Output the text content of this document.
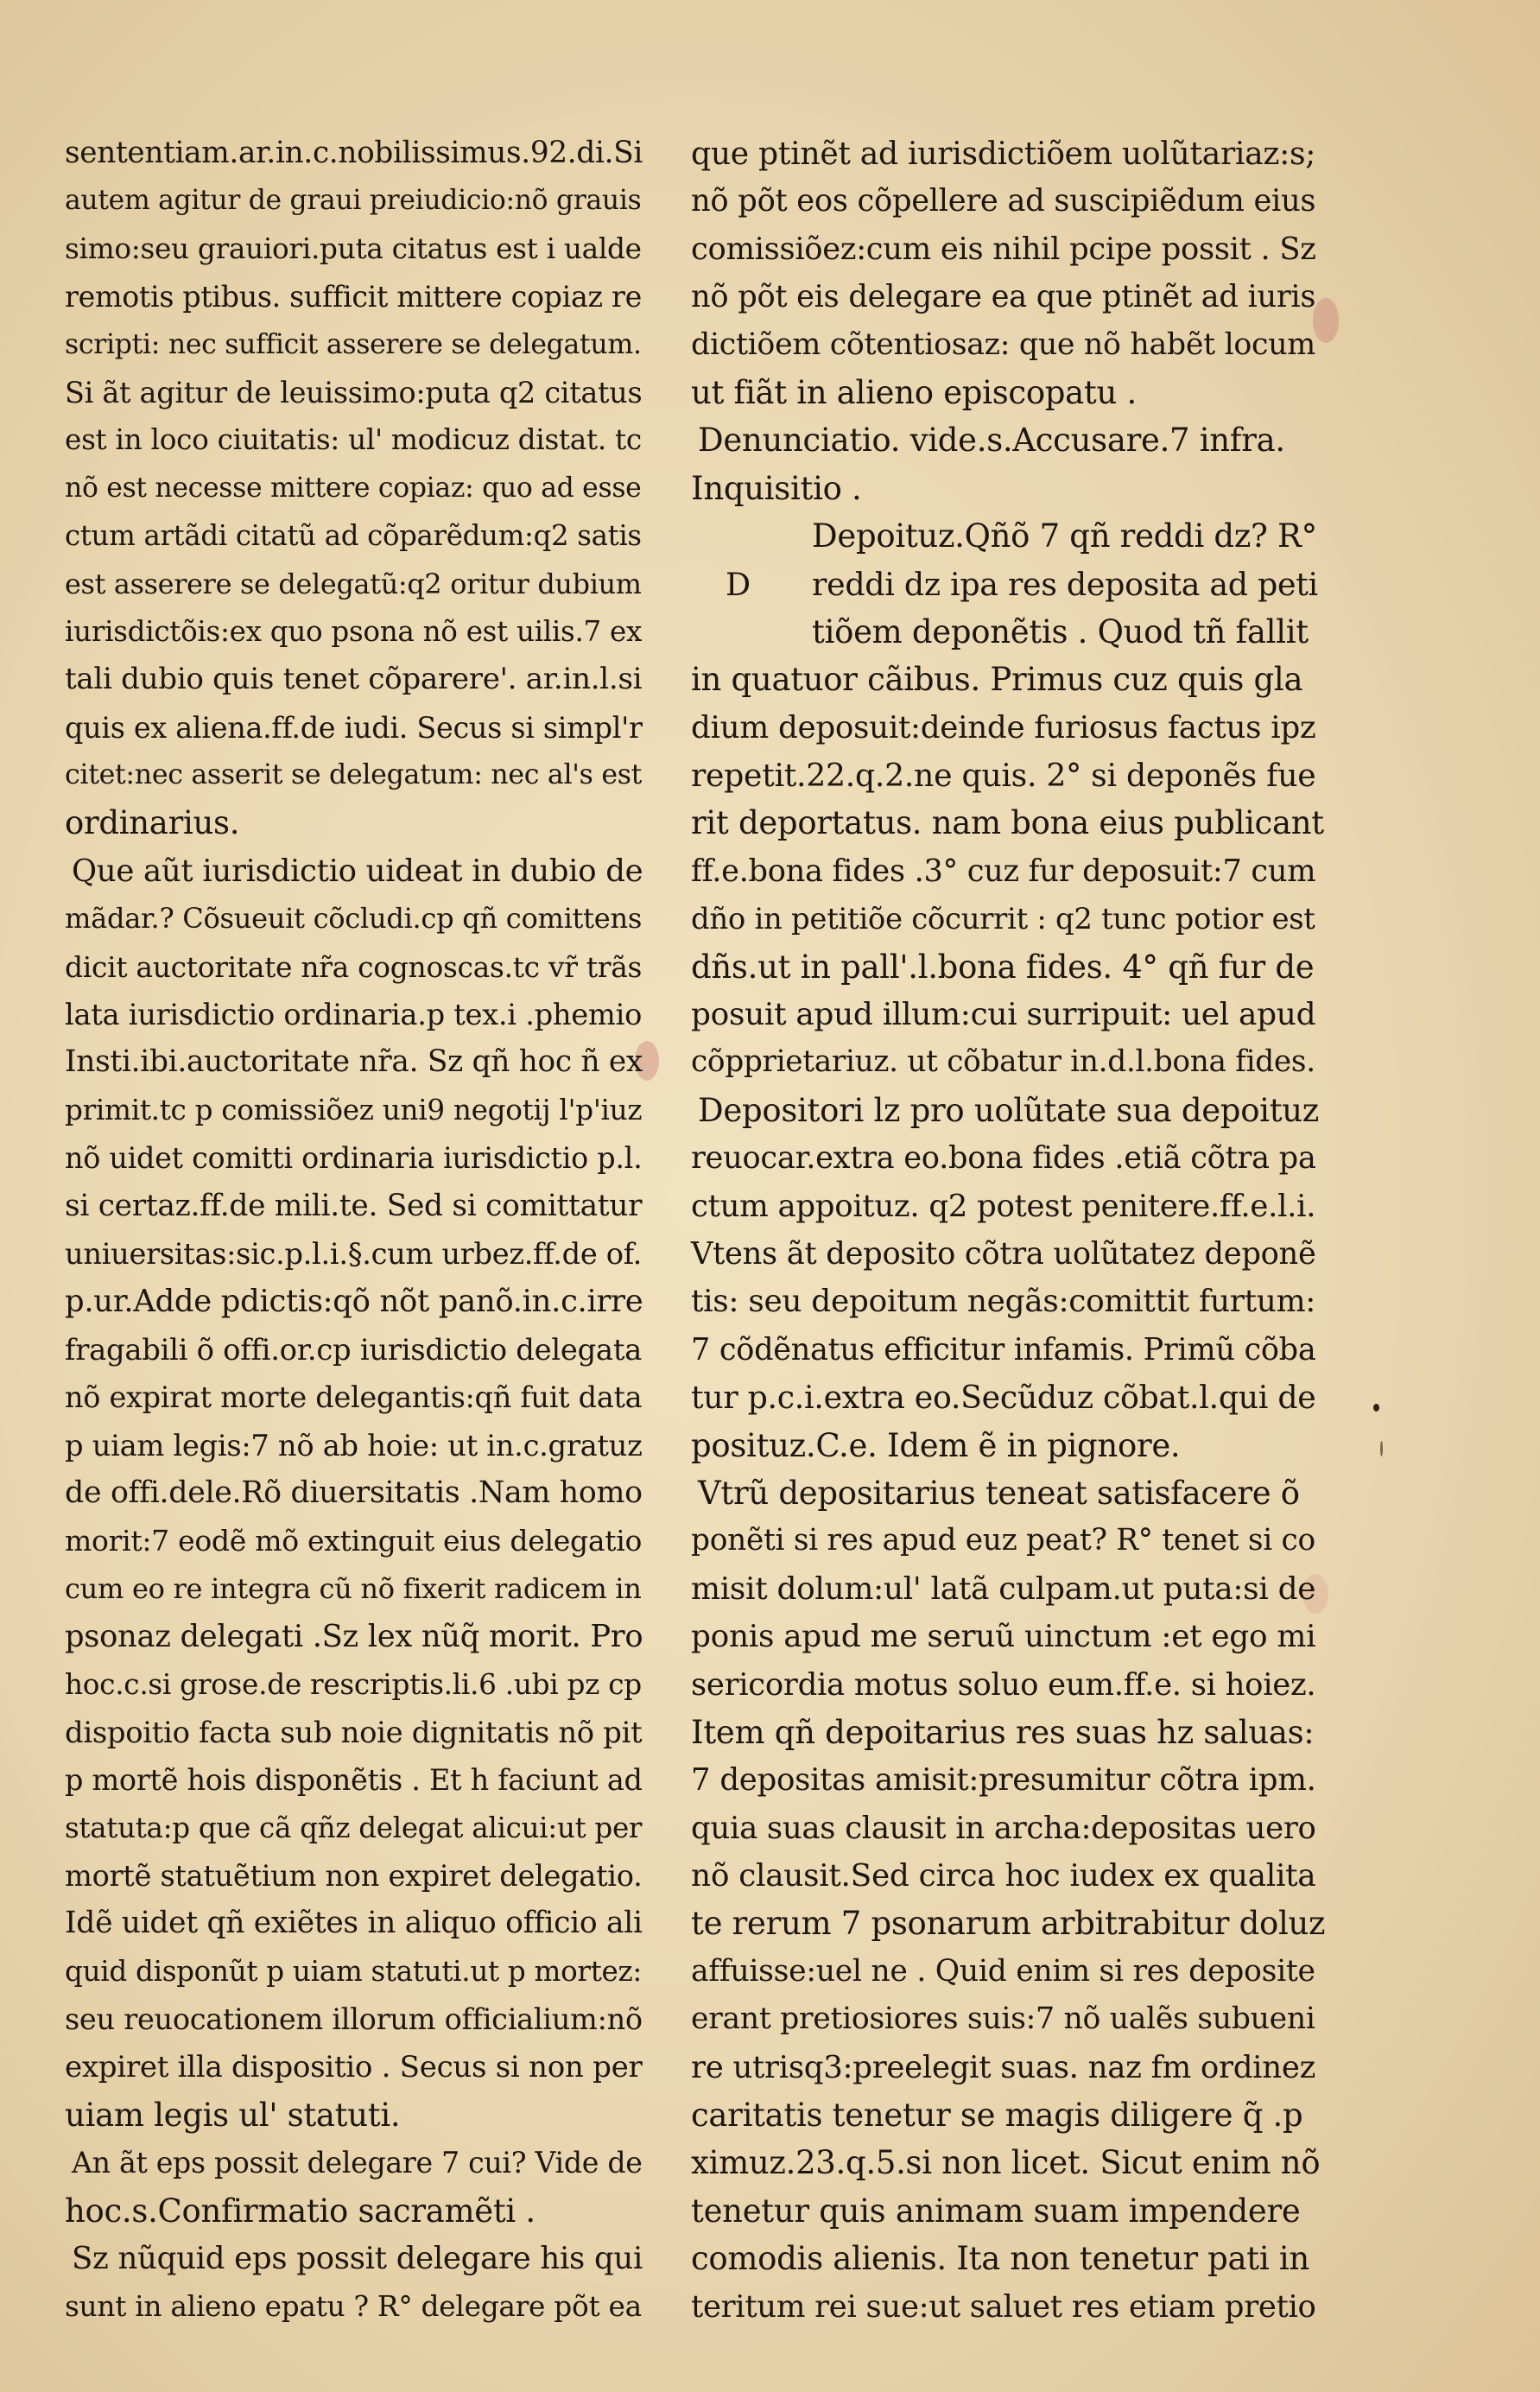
sententiam.ar.in.c.nobilissimus.92.di.Si
autem agitur de graui preiudicio:nõ grauis
simo:seu grauiori.puta citatus est i ualde
remotis ptibus. sufficit mittere copiaz re
scripti: nec sufficit asserere se delegatum.
Si ãt agitur de leuissimo:puta q2 citatus
est in loco ciuitatis: ul' modicuz distat. tc
nõ est necesse mittere copiaz: quo ad esse
ctum artãdi citatũ ad cõparẽdum:q2 satis
est asserere se delegatũ:q2 oritur dubium
iurisdictõis:ex quo psona nõ est uilis.7 ex
tali dubio quis tenet cõparere'. ar.in.l.si
quis ex aliena.ff.de iudi. Secus si simpl'r
citet:nec asserit se delegatum: nec al's est
ordinarius.
Que aũt iurisdictio uideat in dubio de
mãdar.? Cõsueuit cõcludi.cp qñ comittens
dicit auctoritate nr̃a cognoscas.tc vr̃ trãs
lata iurisdictio ordinaria.p tex.i .phemio
Insti.ibi.auctoritate nr̃a. Sz qñ hoc ñ ex
primit.tc p comissiõez uni9 negotij l'p'iuz
nõ uidet comitti ordinaria iurisdictio p.l.
si certaz.ff.de mili.te. Sed si comittatur
uniuersitas:sic.p.l.i.§.cum urbez.ff.de of.
p.ur.Adde pdictis:qõ nõt panõ.in.c.irre
fragabili õ offi.or.cp iurisdictio delegata
nõ expirat morte delegantis:qñ fuit data
p uiam legis:7 nõ ab hoie: ut in.c.gratuz
de offi.dele.Rõ diuersitatis .Nam homo
morit:7 eodẽ mõ extinguit eius delegatio
cum eo re integra cũ nõ fixerit radicem in
psonaz delegati .Sz lex nũq̃ morit. Pro
hoc.c.si grose.de rescriptis.li.6 .ubi pz cp
dispoitio facta sub noie dignitatis nõ pit
p mortẽ hois disponẽtis . Et h faciunt ad
statuta:p que cã qñz delegat alicui:ut per
mortẽ statuẽtium non expiret delegatio.
Idẽ uidet qñ exiẽtes in aliquo officio ali
quid disponũt p uiam statuti.ut p mortez:
seu reuocationem illorum officialium:nõ
expiret illa dispositio . Secus si non per
uiam legis ul' statuti.
An ãt eps possit delegare 7 cui? Vide de
hoc.s.Confirmatio sacramẽti .
Sz nũquid eps possit delegare his qui
sunt in alieno epatu ? R° delegare põt ea
que ptinẽt ad iurisdictiõem uolũtariaz:s;
nõ põt eos cõpellere ad suscipiẽdum eius
comissiõez:cum eis nihil pcipe possit . Sz
nõ põt eis delegare ea que ptinẽt ad iuris
dictiõem cõtentiosaz: que nõ habẽt locum
ut fiãt in alieno episcopatu .
Denunciatio. vide.s.Accusare.7 infra.
Inquisitio .
Depoituz.Qñõ 7 qñ reddi dz? R°
reddi dz ipa res deposita ad peti
D
tiõem deponẽtis . Quod tñ fallit
in quatuor cãibus. Primus cuz quis gla
dium deposuit:deinde furiosus factus ipz
repetit.22.q.2.ne quis. 2° si deponẽs fue
rit deportatus. nam bona eius publicant
ff.e.bona fides .3° cuz fur deposuit:7 cum
dño in petitiõe cõcurrit : q2 tunc potior est
dñs.ut in pall'.l.bona fides. 4° qñ fur de
posuit apud illum:cui surripuit: uel apud
cõpprietariuz. ut cõbatur in.d.l.bona fides.
Depositori lz pro uolũtate sua depoituz
reuocar.extra eo.bona fides .etiã cõtra pa
ctum appoituz. q2 potest penitere.ff.e.l.i.
Vtens ãt deposito cõtra uolũtatez deponẽ
tis: seu depoitum negãs:comittit furtum:
7 cõdẽnatus efficitur infamis. Primũ cõba
tur p.c.i.extra eo.Secũduz cõbat.l.qui de
posituz.C.e. Idem ẽ in pignore.
Vtrũ depositarius teneat satisfacere õ
ponẽti si res apud euz peat? R° tenet si co
misit dolum:ul' latã culpam.ut puta:si de
ponis apud me seruũ uinctum :et ego mi
sericordia motus soluo eum.ff.e. si hoiez.
Item qñ depoitarius res suas hz saluas:
7 depositas amisit:presumitur cõtra ipm.
quia suas clausit in archa:depositas uero
nõ clausit.Sed circa hoc iudex ex qualita
te rerum 7 psonarum arbitrabitur doluz
affuisse:uel ne . Quid enim si res deposite
erant pretiosiores suis:7 nõ ualẽs subueni
re utrisq3:preelegit suas. naz fm ordinez
caritatis tenetur se magis diligere q̃ .p
ximuz.23.q.5.si non licet. Sicut enim nõ
tenetur quis animam suam impendere
comodis alienis. Ita non tenetur pati in
teritum rei sue:ut saluet res etiam pretio
